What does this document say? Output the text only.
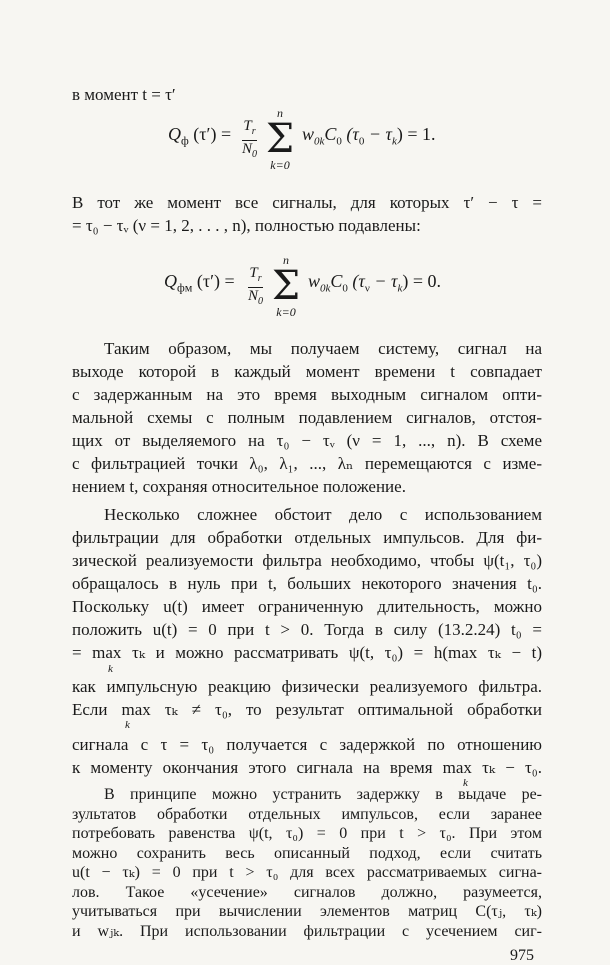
в момент t = τ′
$Q_ф$ $(\tau') = \frac{T_r}{N_0}$
n
Σ
k=0
$w_{0k}C_0$ $(\tau_0 - \tau_k) = 1$.
В тот же момент все сигналы, для которых τ′ − τ =
= τ₀ − τᵥ (ν = 1, 2, . . . , n), полностью подавлены:
$Q_{фм}$ $(\tau') = \frac{T_r}{N_0}$
n
Σ
k=0
$w_{0k}C_0$ $(\tau_\nu - \tau_k) = 0$.
Таким образом, мы получаем систему, сигнал на
выходе которой в каждый момент времени t совпадает
с задержанным на это время выходным сигналом опти-
мальной схемы с полным подавлением сигналов, отстоя-
щих от выделяемого на τ₀ − τᵥ (ν = 1, ..., n). В схеме
с фильтрацией точки λ₀, λ₁, ..., λₙ перемещаются с изме-
нением t, сохраняя относительное положение.
Несколько сложнее обстоит дело с использованием
фильтрации для обработки отдельных импульсов. Для фи-
зической реализуемости фильтра необходимо, чтобы ψ(t₁, τ₀)
обращалось в нуль при t, больших некоторого значения t₀.
Поскольку u(t) имеет ограниченную длительность, можно
положить u(t) = 0 при t > 0. Тогда в силу (13.2.24) t₀ =
= max τₖ и можно рассматривать ψ(t, τ₀) = h(max τₖ − t)
k
как импульсную реакцию физически реализуемого фильтра.
Если max τₖ ≠ τ₀, то результат оптимальной обработки
k
сигнала с τ = τ₀ получается с задержкой по отношению
к моменту окончания этого сигнала на время max τₖ − τ₀.
k
В принципе можно устранить задержку в выдаче ре-
зультатов обработки отдельных импульсов, если заранее
потребовать равенства ψ(t, τ₀) = 0 при t > τ₀. При этом
можно сохранить весь описанный подход, если считать
u(t − τₖ) = 0 при t > τ₀ для всех рассматриваемых сигна-
лов. Такое «усечение» сигналов должно, разумеется,
учитываться при вычислении элементов матриц C(τⱼ, τₖ)
и wⱼₖ. При использовании фильтрации с усечением сиг-
975
